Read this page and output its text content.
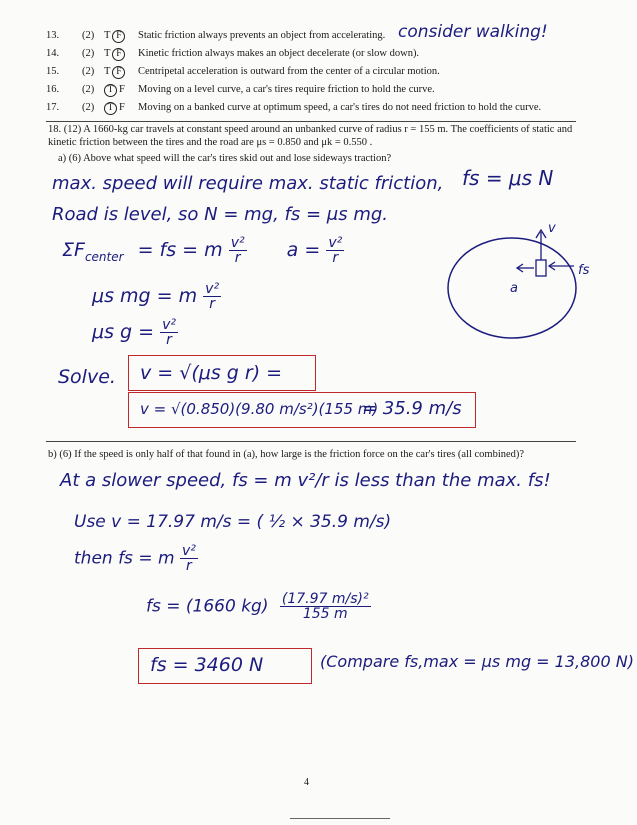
13. (2) T F Static friction always prevents an object from accelerating.
14. (2) T F Kinetic friction always makes an object decelerate (or slow down).
15. (2) T F Centripetal acceleration is outward from the center of a circular motion.
16. (2) T F Moving on a level curve, a car's tires require friction to hold the curve.
17. (2) T F Moving on a banked curve at optimum speed, a car's tires do not need friction to hold the curve.
consider walking!
18. (12) A 1660-kg car travels at constant speed around an unbanked curve of radius r = 155 m. The coefficients of static and kinetic friction between the tires and the road are μs = 0.850 and μk = 0.550 .
a) (6) Above what speed will the car's tires skid out and lose sideways traction?
max. speed will require max. static friction, fs = μs N
Road is level, so N = mg, fs = μs mg.
$\Sigma F_{center}$ = fs = m $\frac{\text{v²}}{r}$ $a = \frac{\text{v²}}{r}$
μs mg = m $\frac{\text{v²}}{r}$
μs $g = \frac{\text{v²}}{r}$
Solve. v = √(μs g r) =
v = √(0.850)(9.80 m/s²)(155 m)
= 35.9 m/s
v
a
fs
b) (6) If the speed is only half of that found in (a), how large is the friction force on the car's tires (all combined)?
At a slower speed, fs = m v²/r is less than the max. fs!
Use v = 17.97 m/s = ( ½ × 35.9 m/s)
then fs = m $\frac{\text{v²}}{r}$
fs = (1660 $kg) \frac{\text{(17.97 m/s)²}}{155 m}$
fs = 3460 N	(Compare fs,max = μs mg = 13,800 N)
4
